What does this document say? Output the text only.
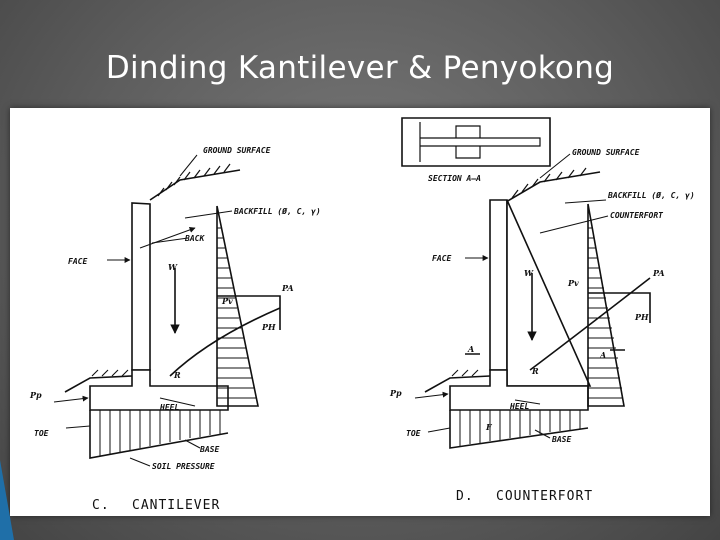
Dinding Kantilever & Penyokong
GROUND SURFACE
BACKFILL (Ø, C, γ)
BACK
FACE
W
Pv
PA
PH
R
HEEL
Pp
TOE
BASE
SOIL PRESSURE
C. CANTILEVER
SECTION A–A
GROUND SURFACE
BACKFILL (Ø, C, γ)
COUNTERFORT
FACE
W
Pv
PA
PH
A
A
R
Pp
HEEL
TOE
F
BASE
D. COUNTERFORT
